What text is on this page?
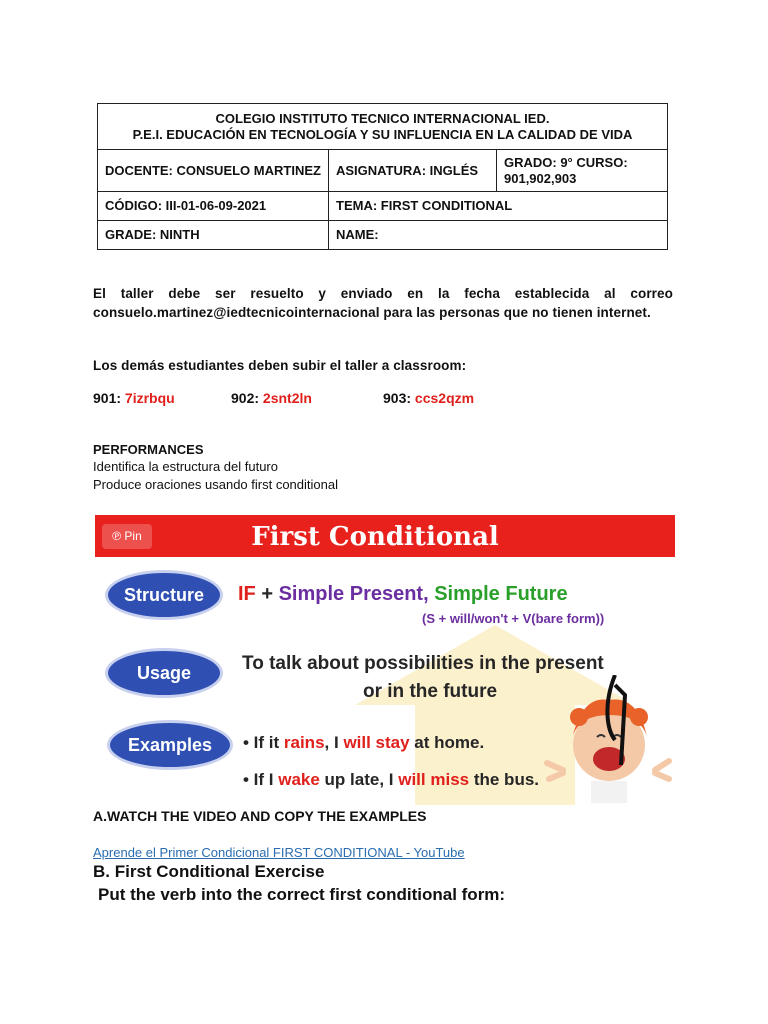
COLEGIO INSTITUTO TECNICO INTERNACIONAL IED.
P.E.I. EDUCACIÓN EN TECNOLOGÍA Y SU INFLUENCIA EN LA CALIDAD DE VIDA		

DOCENTE: CONSUELO MARTINEZ	ASIGNATURA: INGLÉS	GRADO: 9° CURSO: 901,902,903
CÓDIGO: III-01-06-09-2021	TEMA: FIRST CONDITIONAL	
GRADE: NINTH	NAME:	
El taller debe ser resuelto y enviado en la fecha establecida al correo consuelo.martinez@iedtecnicointernacional para las personas que no tienen internet.
Los demás estudiantes deben subir el taller a classroom:
901: 7izrbqu	902: 2snt2ln	903: ccs2qzm
PERFORMANCES
Identifica la estructura del futuro
Produce oraciones usando first conditional
℗ Pin	First Conditional
Structure	IF + Simple Present, Simple Future
(S + will/won't + V(bare form))
Usage	To talk about possibilities in the present
or in the future
Examples	• If it rains, I will stay at home.
• If I wake up late, I will miss the bus.
A.WATCH THE VIDEO AND COPY THE EXAMPLES
Aprende el Primer Condicional FIRST CONDITIONAL - YouTube
B. First Conditional Exercise
Put the verb into the correct first conditional form:
